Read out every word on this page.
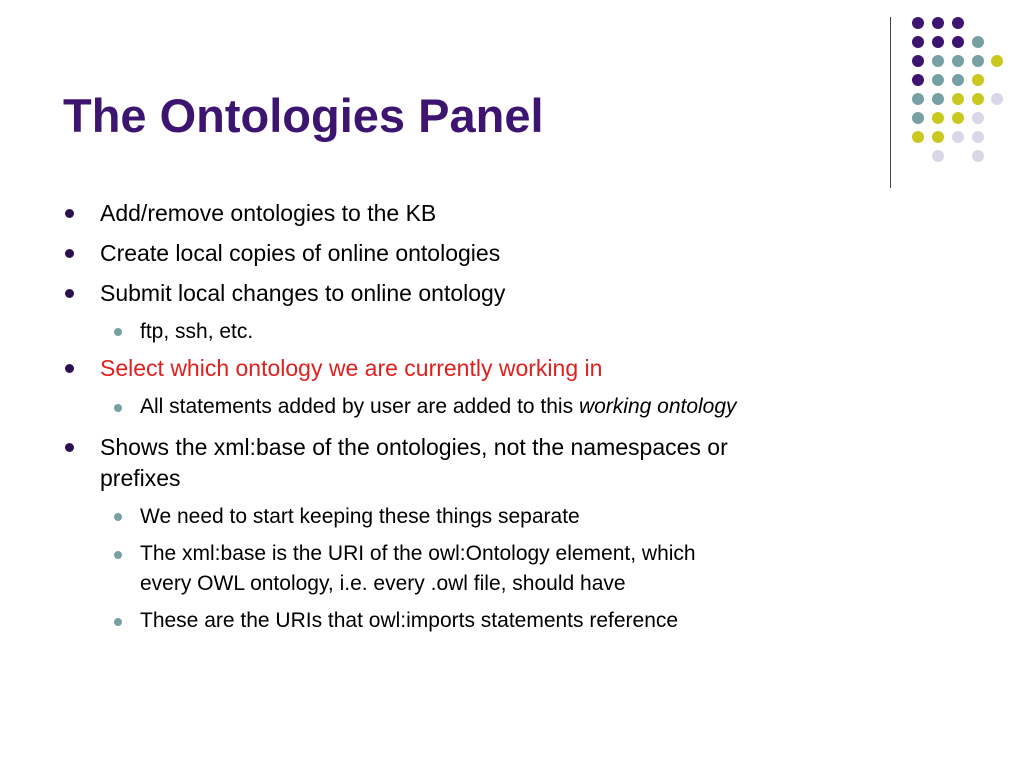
The Ontologies Panel
Add/remove ontologies to the KB
Create local copies of online ontologies
Submit local changes to online ontology
ftp, ssh, etc.
Select which ontology we are currently working in
All statements added by user are added to this working ontology
Shows the xml:base of the ontologies, not the namespaces or
prefixes
We need to start keeping these things separate
The xml:base is the URI of the owl:Ontology element, which
every OWL ontology, i.e. every .owl file, should have
These are the URIs that owl:imports statements reference
